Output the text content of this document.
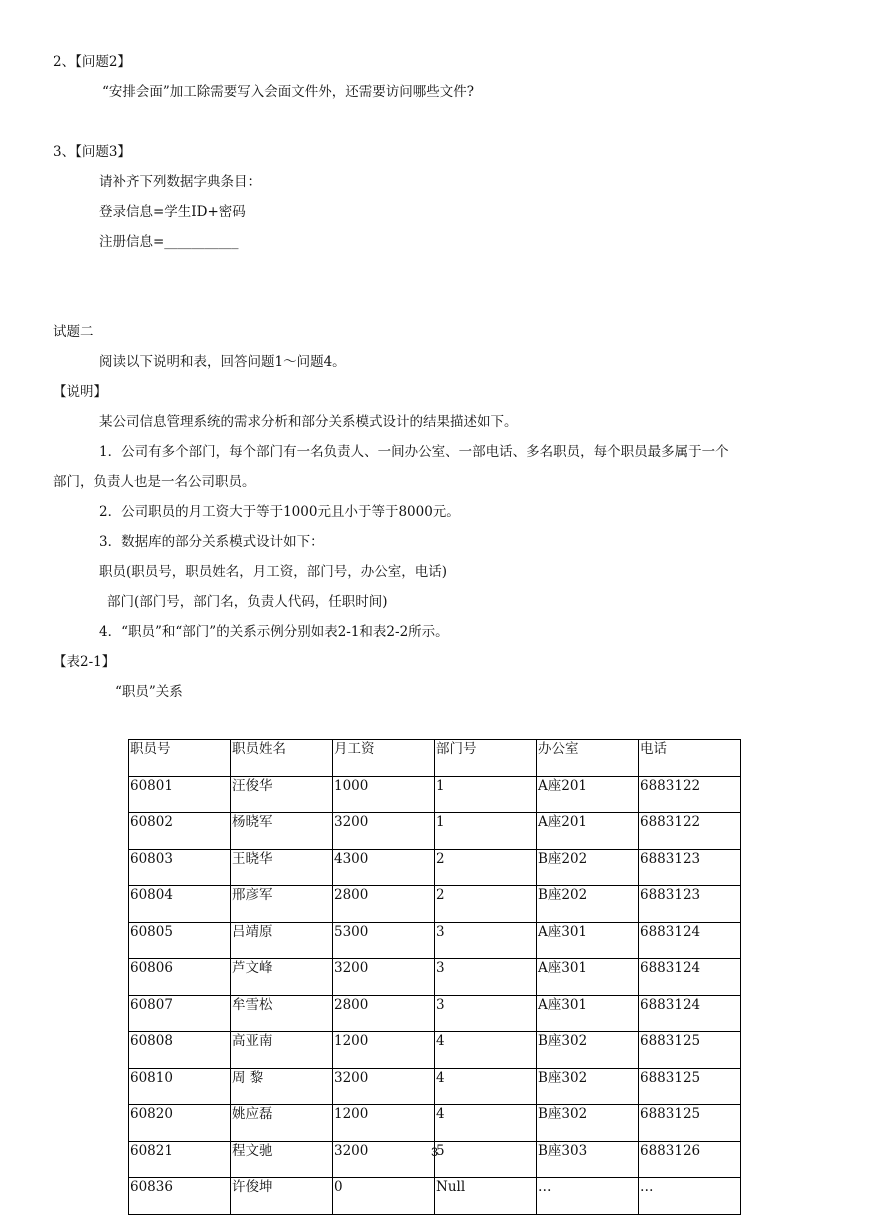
2、【问题2】
“安排会面”加工除需要写入会面文件外，还需要访问哪些文件?
3、【问题3】
请补齐下列数据字典条目：
登录信息=学生ID+密码
注册信息=___________
试题二
阅读以下说明和表，回答问题1～问题4。
【说明】
某公司信息管理系统的需求分析和部分关系模式设计的结果描述如下。
1．公司有多个部门，每个部门有一名负责人、一间办公室、一部电话、多名职员，每个职员最多属于一个
部门，负责人也是一名公司职员。
2．公司职员的月工资大于等于1000元且小于等于8000元。
3．数据库的部分关系模式设计如下：
职员(职员号，职员姓名，月工资，部门号，办公室，电话)
部门(部门号，部门名，负责人代码，任职时间)
4．“职员”和“部门”的关系示例分别如表2-1和表2-2所示。
【表2-1】
“职员”关系
职员号	职员姓名	月工资	部门号	办公室	电话
60801	汪俊华	1000	1	A座201	6883122
60802	杨晓军	3200	1	A座201	6883122
60803	王晓华	4300	2	B座202	6883123
60804	邢彦军	2800	2	B座202	6883123
60805	吕靖原	5300	3	A座301	6883124
60806	芦文峰	3200	3	A座301	6883124
60807	牟雪松	2800	3	A座301	6883124
60808	高亚南	1200	4	B座302	6883125
60810	周 黎	3200	4	B座302	6883125
60820	姚应磊	1200	4	B座302	6883125
60821	程文驰	3200	5	B座303	6883126
60836	许俊坤	0	Null	…	…
3
